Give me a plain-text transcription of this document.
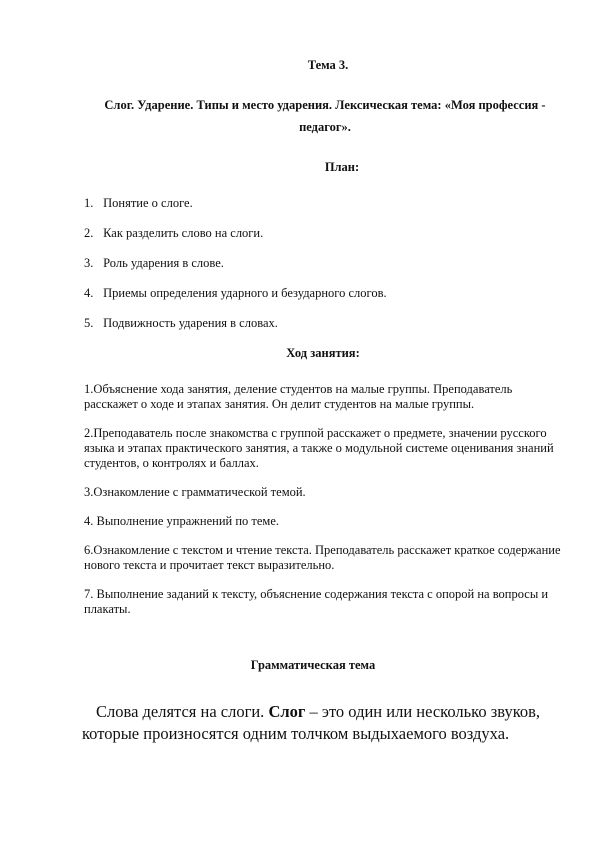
Тема 3.
Слог. Ударение. Типы и место ударения. Лексическая тема: «Моя профессия - педагог».
План:
1. Понятие о слоге.
2. Как разделить слово на слоги.
3. Роль ударения в слове.
4. Приемы определения ударного и безударного слогов.
5. Подвижность ударения в словах.
Ход занятия:

1.Объяснение хода занятия, деление студентов на малые группы. Преподаватель расскажет о ходе и этапах занятия. Он делит студентов на малые группы.

2.Преподаватель после знакомства с группой расскажет о предмете, значении русского языка и этапах практического занятия, а также о модульной системе оценивания знаний студентов, о контролях и баллах.

3.Ознакомление с грамматической темой.

4. Выполнение упражнений по теме.

6.Ознакомление с текстом и чтение текста. Преподаватель расскажет краткое содержание нового текста и прочитает текст выразительно.

7. Выполнение заданий к тексту, объяснение содержания текста с опорой на вопросы и плакаты.

Грамматическая тема
Слова делятся на слоги. Слог – это один или несколько звуков, которые произносятся одним толчком выдыхаемого воздуха.
